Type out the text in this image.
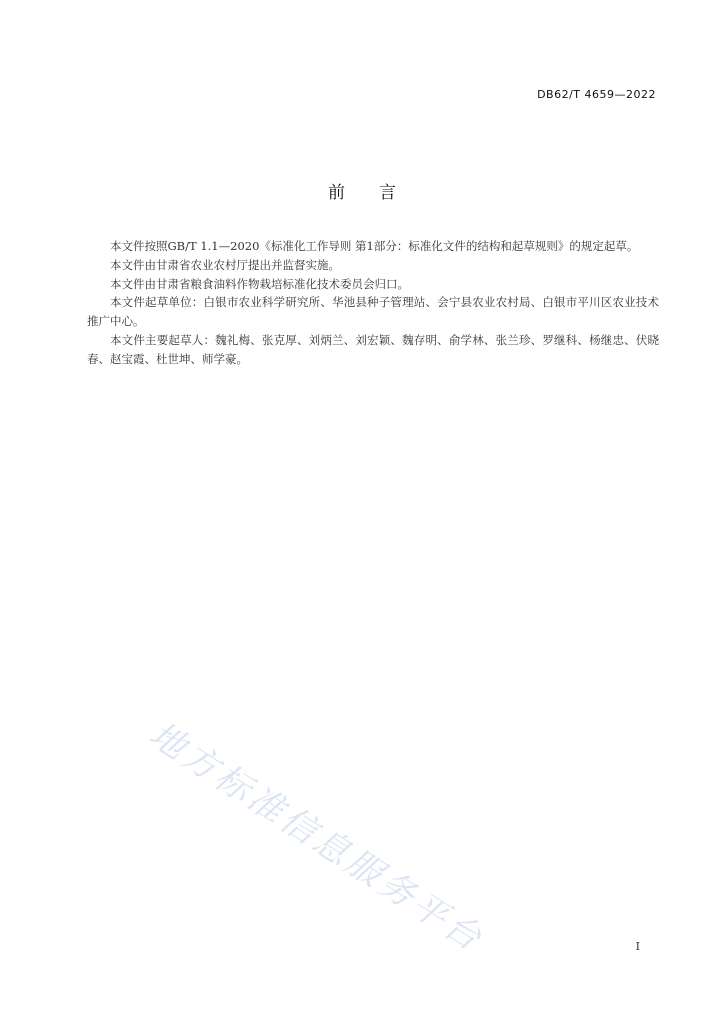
DB62/T 4659—2022
前言

本文件按照GB/T 1.1—2020《标准化工作导则 第1部分：标准化文件的结构和起草规则》的规定起草。

本文件由甘肃省农业农村厅提出并监督实施。

本文件由甘肃省粮食油料作物栽培标准化技术委员会归口。

本文件起草单位：白银市农业科学研究所、华池县种子管理站、会宁县农业农村局、白银市平川区农业技术推广中心。

本文件主要起草人：魏礼梅、张克厚、刘炳兰、刘宏颖、魏存明、俞学林、张兰珍、罗继科、杨继忠、伏晓春、赵宝霞、杜世坤、师学豪。

地方标准信息服务平台	I
